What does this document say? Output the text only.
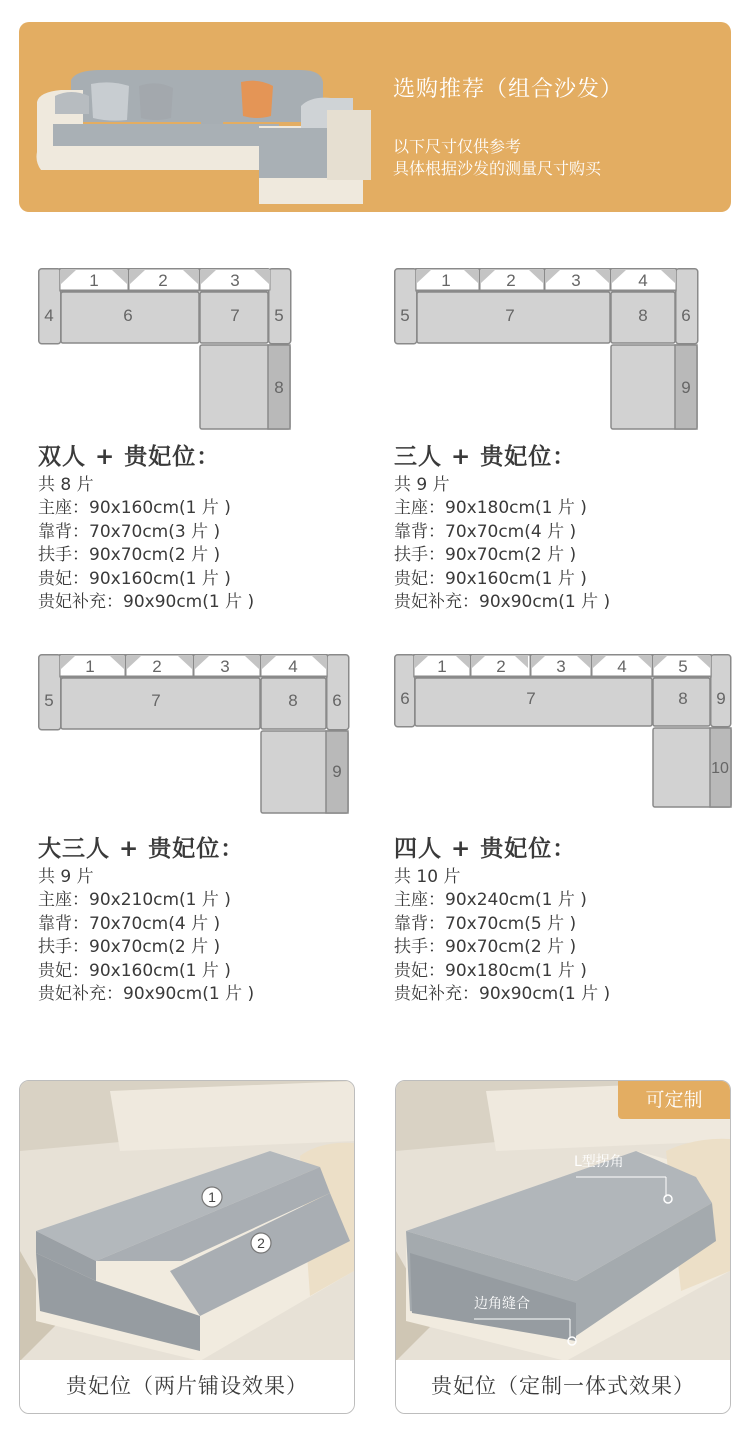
选购推荐（组合沙发）
以下尺寸仅供参考
具体根据沙发的测量尺寸购买
1	2	3
4	5
6	7
8
双人 + 贵妃位：
共 8 片
主座：90x160cm(1 片 )
靠背：70x70cm(3 片 )
扶手：90x70cm(2 片 )
贵妃：90x160cm(1 片 )
贵妃补充：90x90cm(1 片 )
1	2	3	4
5	6
7	8
9
三人 + 贵妃位：
共 9 片
主座：90x180cm(1 片 )
靠背：70x70cm(4 片 )
扶手：90x70cm(2 片 )
贵妃：90x160cm(1 片 )
贵妃补充：90x90cm(1 片 )
1	2	3	4
5	6
7	8
9
大三人 + 贵妃位：
共 9 片
主座：90x210cm(1 片 )
靠背：70x70cm(4 片 )
扶手：90x70cm(2 片 )
贵妃：90x160cm(1 片 )
贵妃补充：90x90cm(1 片 )
1	2	3	4	5
6	7	8 9
10
四人 + 贵妃位：
共 10 片
主座：90x240cm(1 片 )
靠背：70x70cm(5 片 )
扶手：90x70cm(2 片 )
贵妃：90x180cm(1 片 )
贵妃补充：90x90cm(1 片 )
1
2
贵妃位（两片铺设效果）
可定制
L型拐角
边角缝合
贵妃位（定制一体式效果）
